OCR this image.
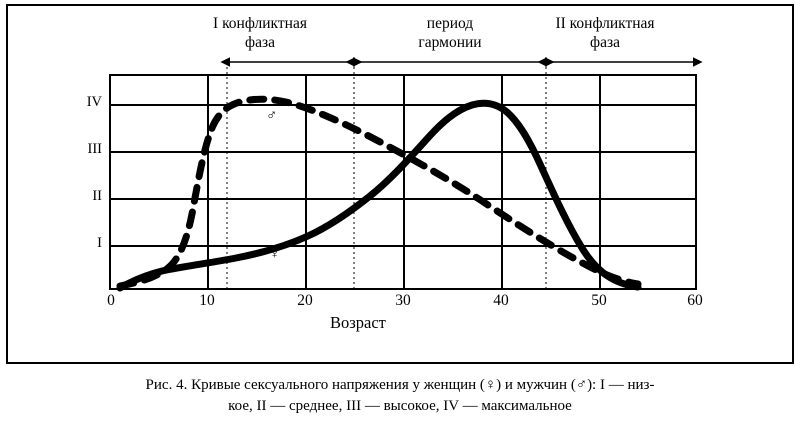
I конфликтная
фаза
период
гармонии
II конфликтная
фаза
I
II
III
IV
0	10	20	30	40	50	60
Возраст
♂
♀
Рис. 4. Кривые сексуального напряжения у женщин (♀) и мужчин (♂): I — низ-
кое, II — среднее, III — высокое, IV — максимальное
